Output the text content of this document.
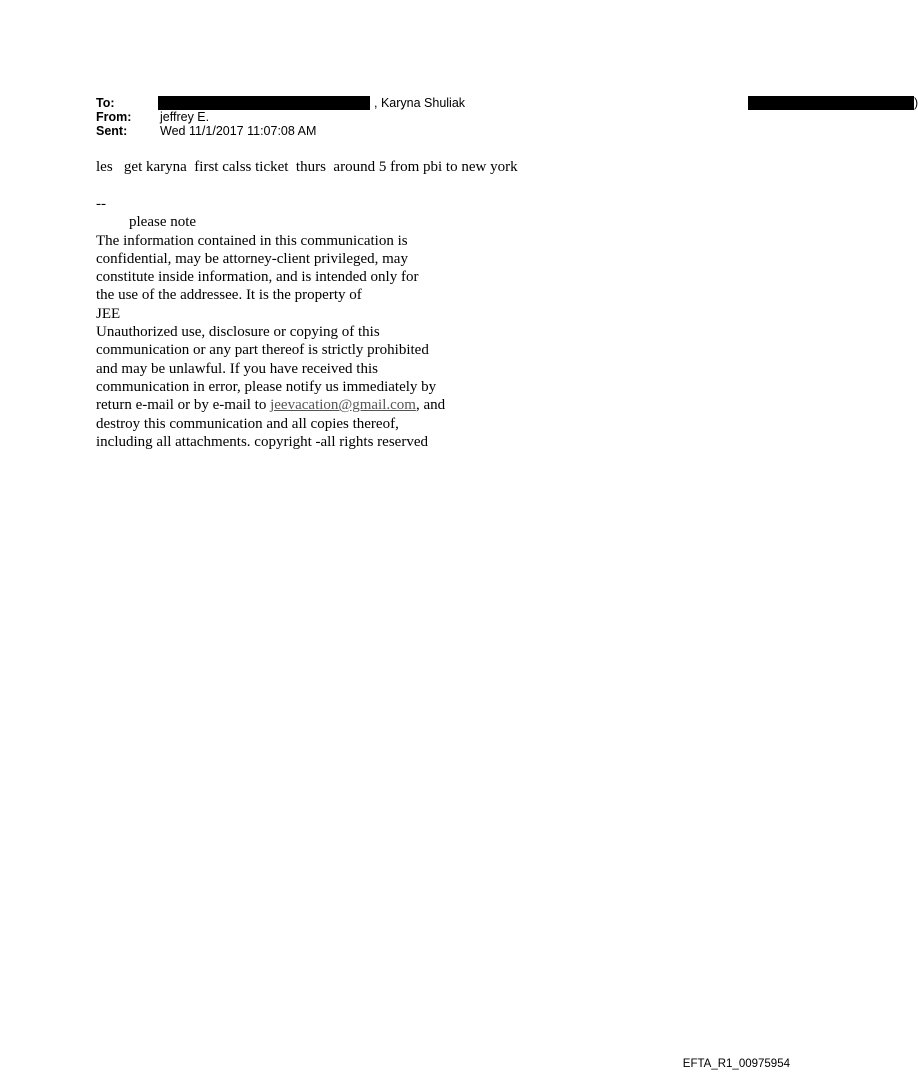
To:	, Karyna Shuliak	)
From: jeffrey E.
Sent:	Wed 11/1/2017 11:07:08 AM
les   get karyna  first calss ticket  thurs  around 5 from pbi to new york
--
please note
The information contained in this communication is
confidential, may be attorney-client privileged, may
constitute inside information, and is intended only for
the use of the addressee. It is the property of
JEE
Unauthorized use, disclosure or copying of this
communication or any part thereof is strictly prohibited
and may be unlawful. If you have received this
communication in error, please notify us immediately by
return e-mail or by e-mail to jeevacation@gmail.com, and
destroy this communication and all copies thereof,
including all attachments. copyright -all rights reserved
EFTA_R1_00975954
